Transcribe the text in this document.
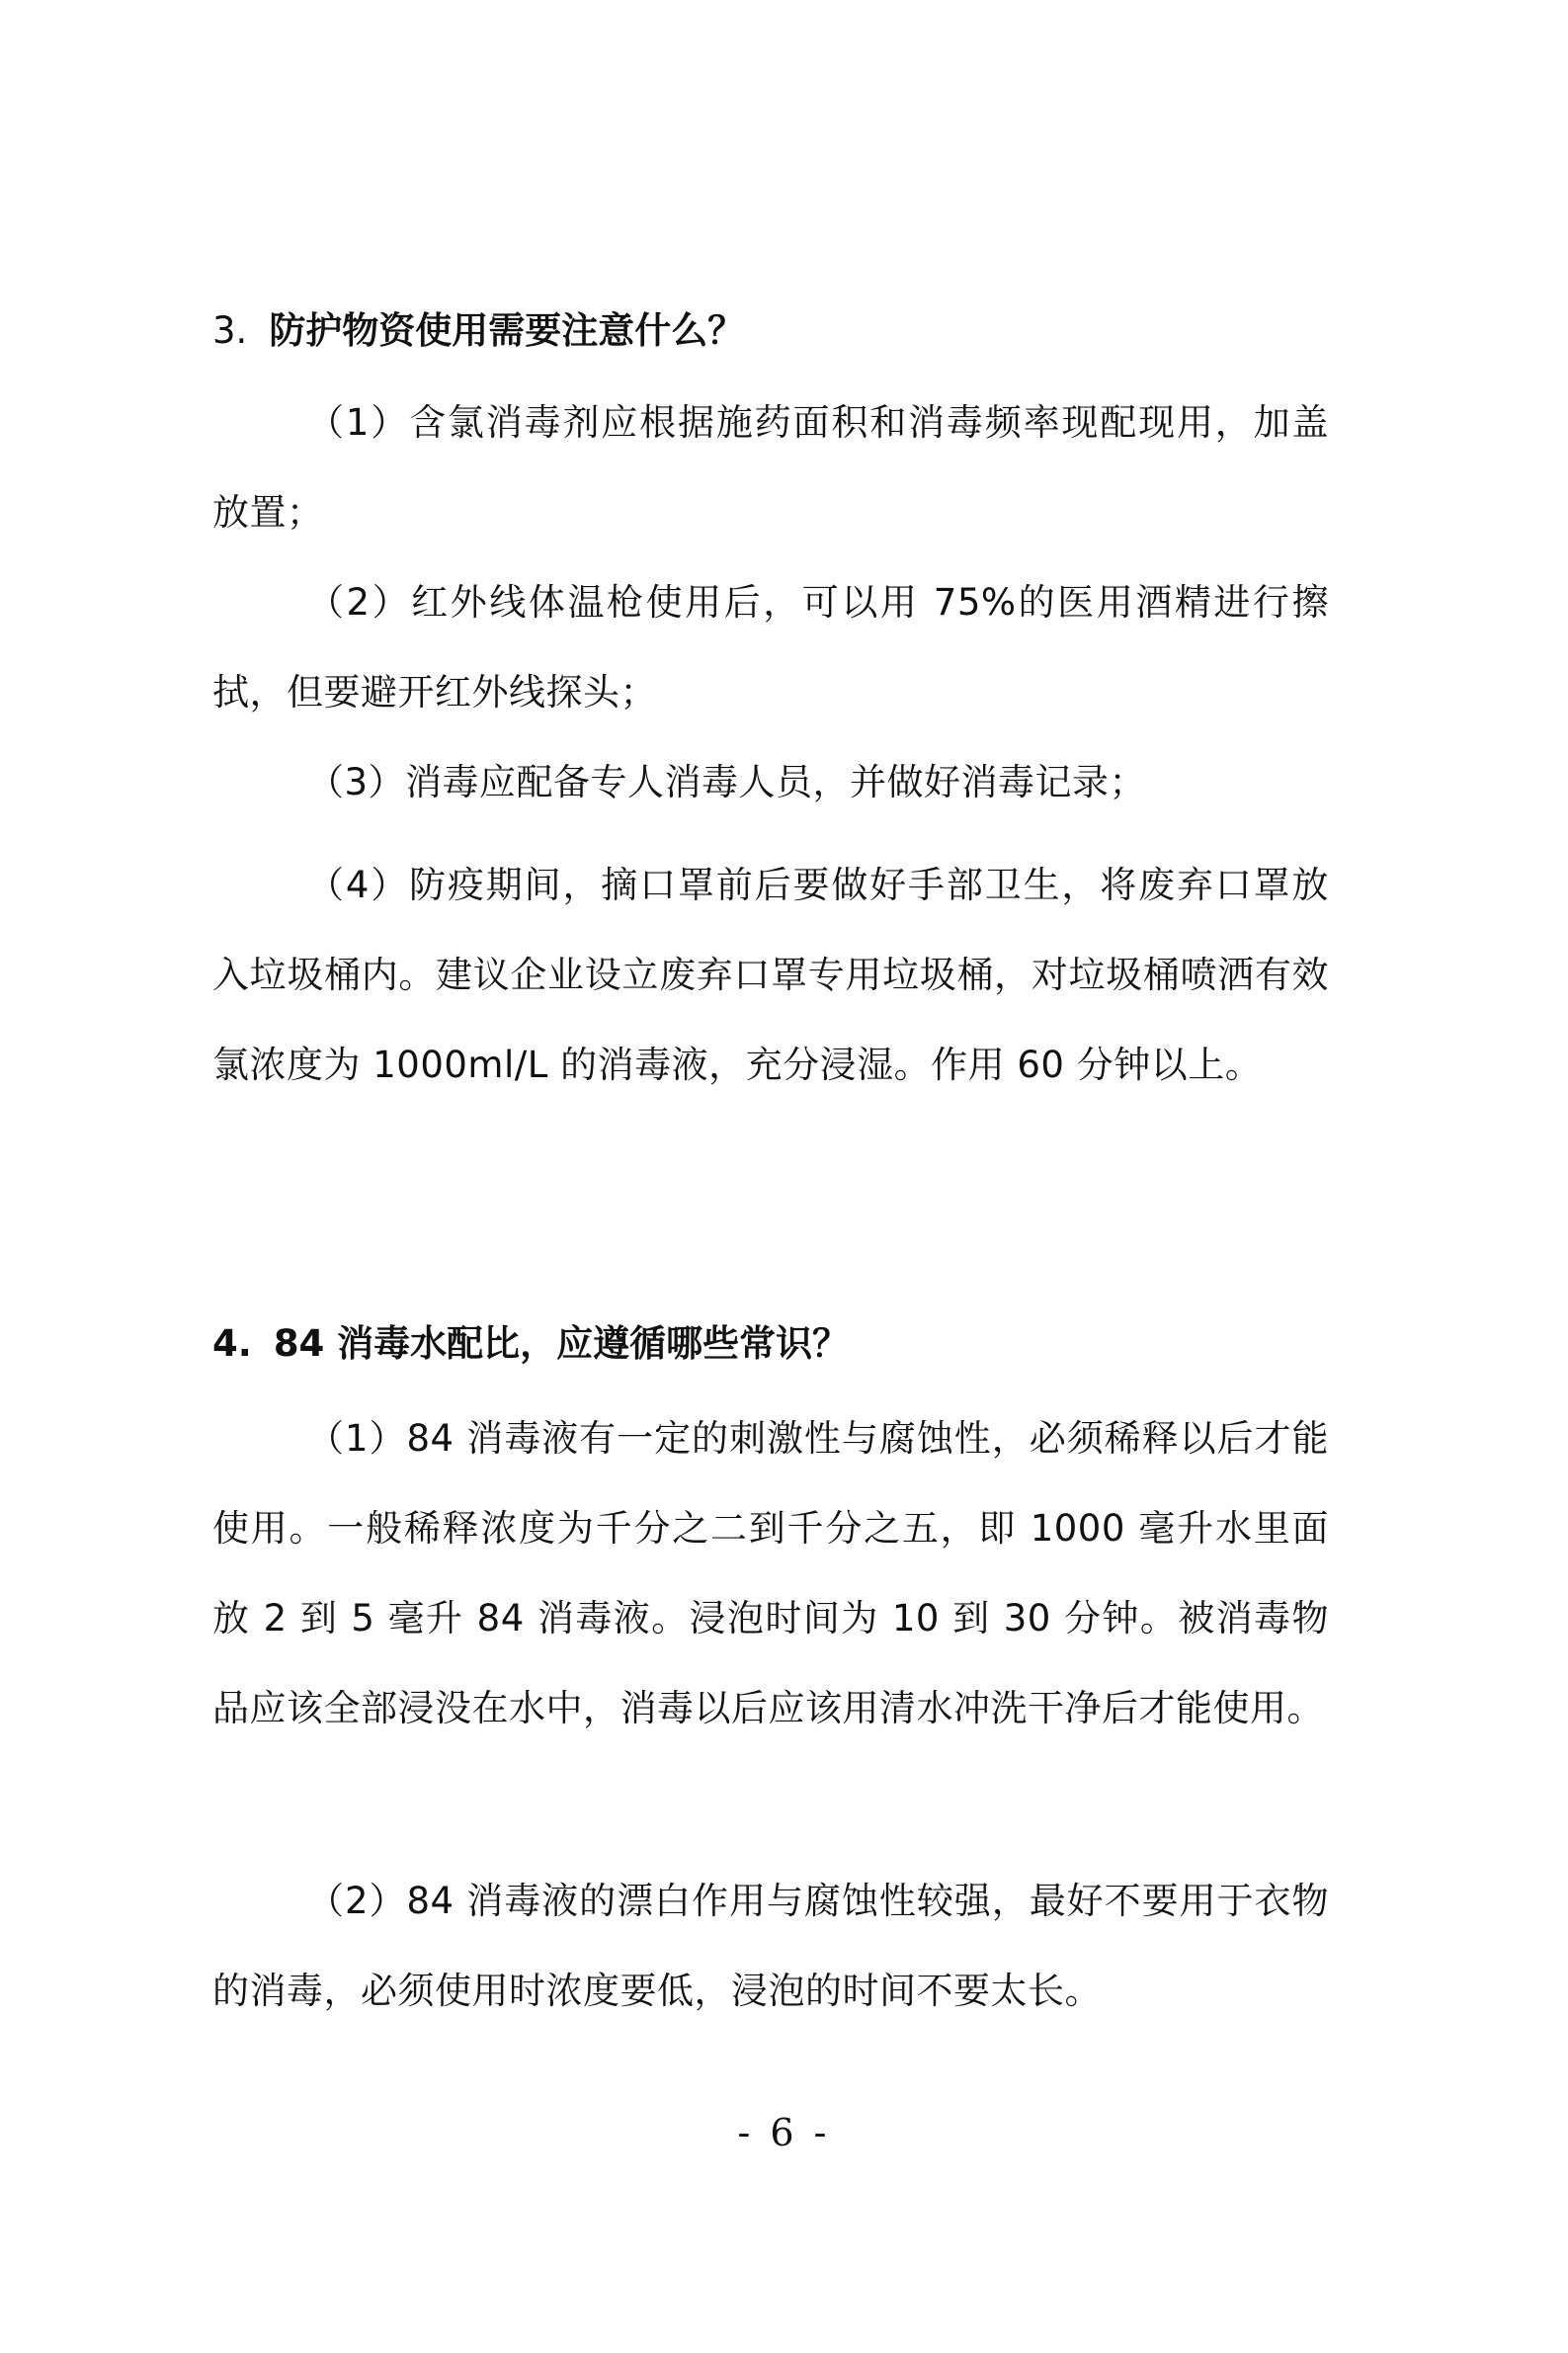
3. 防护物资使用需要注意什么？

（1）含氯消毒剂应根据施药面积和消毒频率现配现用，加盖放置；

（2）红外线体温枪使用后，可以用 75%的医用酒精进行擦拭，但要避开红外线探头；

（3）消毒应配备专人消毒人员，并做好消毒记录；

（4）防疫期间，摘口罩前后要做好手部卫生，将废弃口罩放入垃圾桶内。建议企业设立废弃口罩专用垃圾桶，对垃圾桶喷洒有效氯浓度为 1000ml/L 的消毒液，充分浸湿。作用 60 分钟以上。

4. 84 消毒水配比，应遵循哪些常识？

（1）84 消毒液有一定的刺激性与腐蚀性，必须稀释以后才能使用。一般稀释浓度为千分之二到千分之五，即 1000 毫升水里面放 2 到 5 毫升 84 消毒液。浸泡时间为 10 到 30 分钟。被消毒物品应该全部浸没在水中，消毒以后应该用清水冲洗干净后才能使用。

（2）84 消毒液的漂白作用与腐蚀性较强，最好不要用于衣物的消毒，必须使用时浓度要低，浸泡的时间不要太长。

- 6 -
